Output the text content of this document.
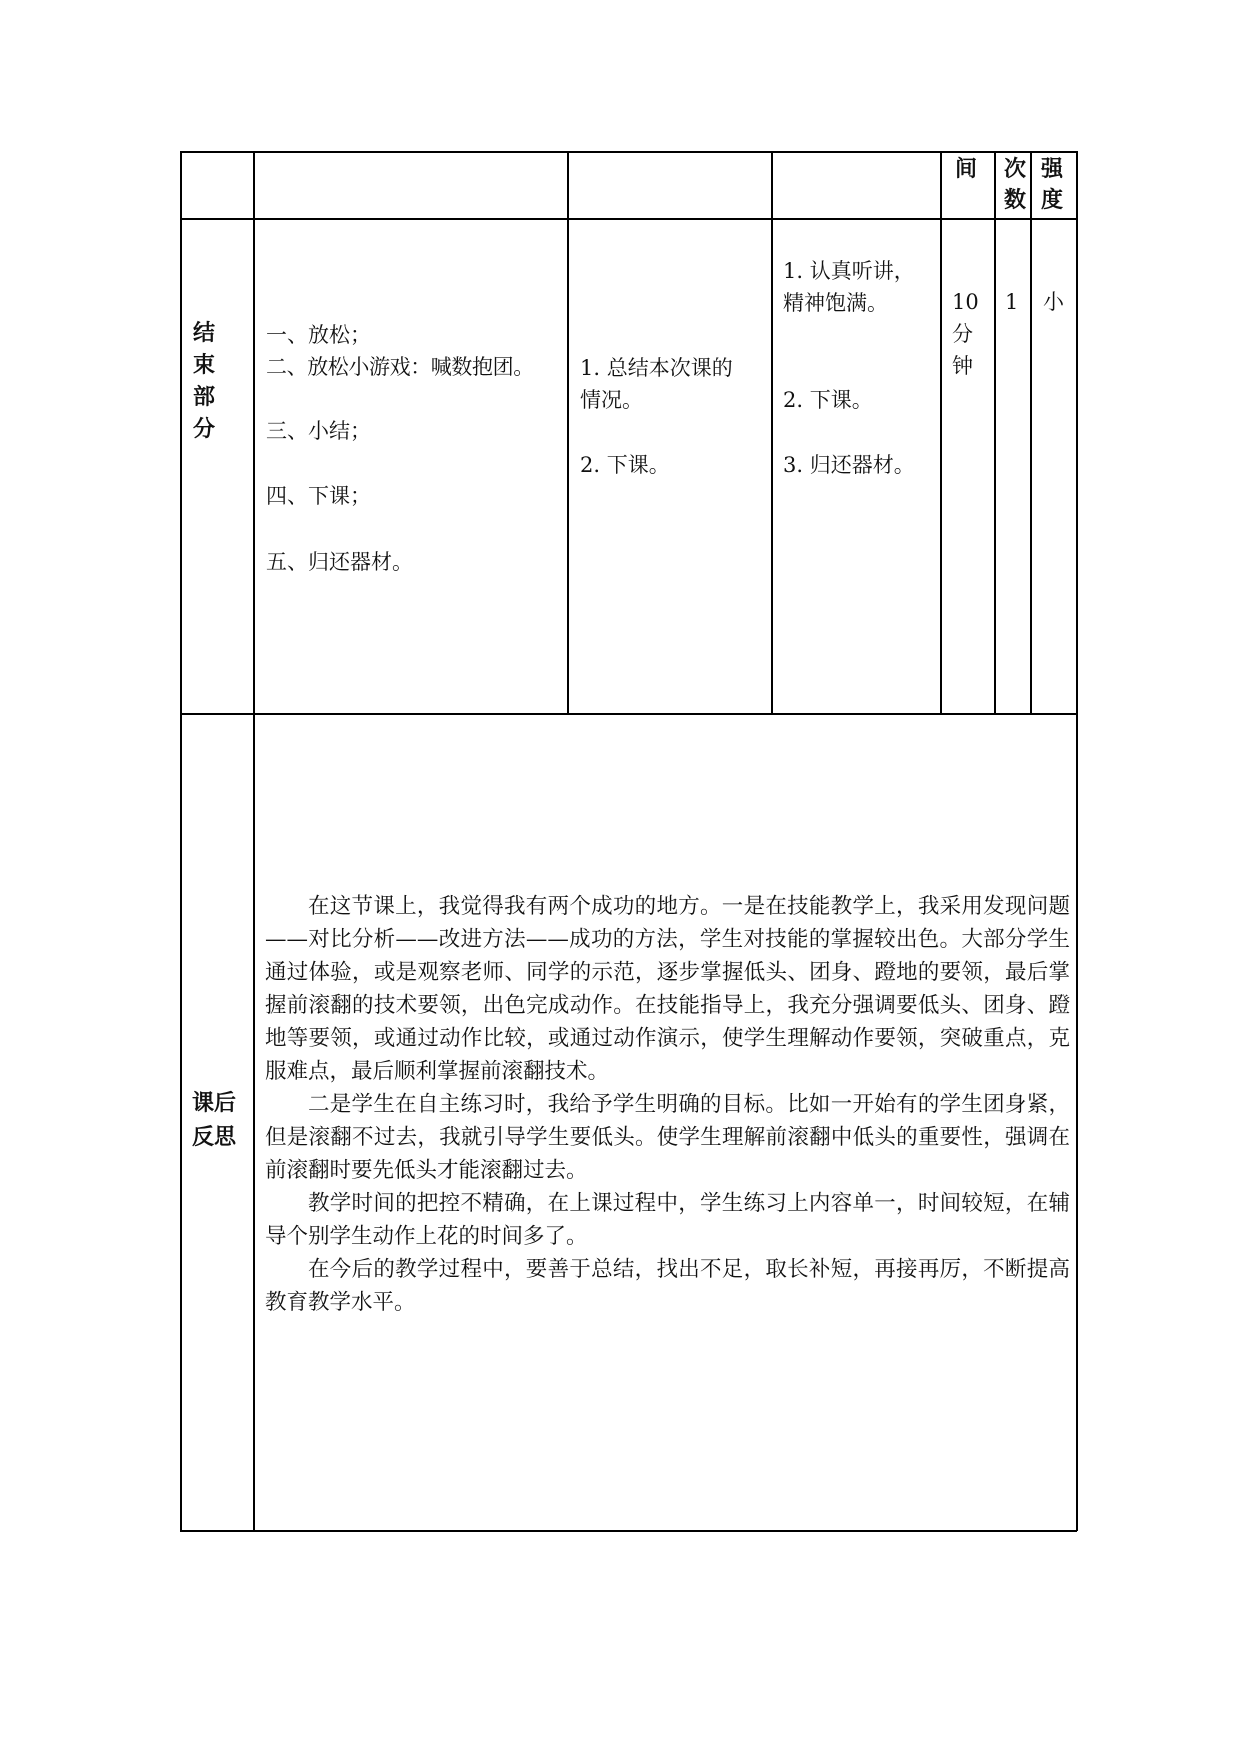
间 次
数
强
度
结
束
部
分
一、放松；
二、放松小游戏：喊数抱团。
三、小结；
四、下课；
五、归还器材。
1. 总结本次课的
情况。
2. 下课。
1. 认真听讲，
精神饱满。
2. 下课。
3. 归还器材。
10
分
钟
1 小
课后
反思

在这节课上，我觉得我有两个成功的地方。一是在技能教学上，我采用发现问题——对比分析——改进方法——成功的方法，学生对技能的掌握较出色。大部分学生通过体验，或是观察老师、同学的示范，逐步掌握低头、团身、蹬地的要领，最后掌握前滚翻的技术要领，出色完成动作。在技能指导上，我充分强调要低头、团身、蹬地等要领，或通过动作比较，或通过动作演示，使学生理解动作要领，突破重点，克服难点，最后顺利掌握前滚翻技术。

二是学生在自主练习时，我给予学生明确的目标。比如一开始有的学生团身紧，但是滚翻不过去，我就引导学生要低头。使学生理解前滚翻中低头的重要性，强调在前滚翻时要先低头才能滚翻过去。

教学时间的把控不精确，在上课过程中，学生练习上内容单一，时间较短，在辅导个别学生动作上花的时间多了。

在今后的教学过程中，要善于总结，找出不足，取长补短，再接再厉，不断提高教育教学水平。
